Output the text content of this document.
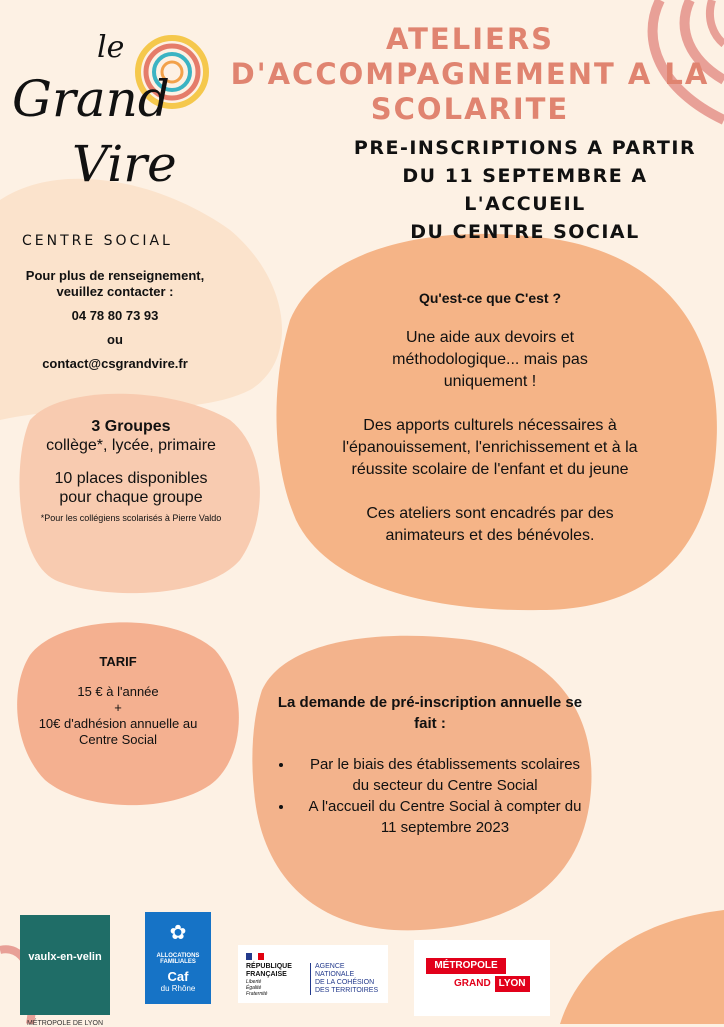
ATELIERS
D'ACCOMPAGNEMENT A LA
SCOLARITE
PRE-INSCRIPTIONS A PARTIR
DU 11 SEPTEMBRE A L'ACCUEIL
DU CENTRE SOCIAL
le
Grand
Vire
CENTRE SOCIAL
Pour plus de renseignement, veuillez contacter :
04 78 80 73 93
ou
contact@csgrandvire.fr
3 Groupes
collège*, lycée, primaire
10 places disponibles pour chaque groupe
*Pour les collégiens scolarisés à Pierre Valdo
TARIF
15 € à l'année
+
10€ d'adhésion annuelle au Centre Social
Qu'est-ce que C'est ?

Une aide aux devoirs et méthodologique... mais pas uniquement !

Des apports culturels nécessaires à l'épanouissement, l'enrichissement et à la réussite scolaire de l'enfant et du jeune

Ces ateliers sont encadrés par des animateurs et des bénévoles.

La demande de pré-inscription annuelle se fait :
• Par le biais des établissements scolaires du secteur du Centre Social
• A l'accueil du Centre Social à compter du 11 septembre 2023
vaulx-en-velin
MÉTROPOLE DE LYON
✿
ALLOCATIONS
FAMILIALES
Caf
du Rhône
RÉPUBLIQUE
FRANÇAISE
Liberté
Égalité
Fraternité
AGENCE
NATIONALE
DE LA COHÉSION
DES TERRITOIRES
MÉTROPOLE
GRAND LYON
